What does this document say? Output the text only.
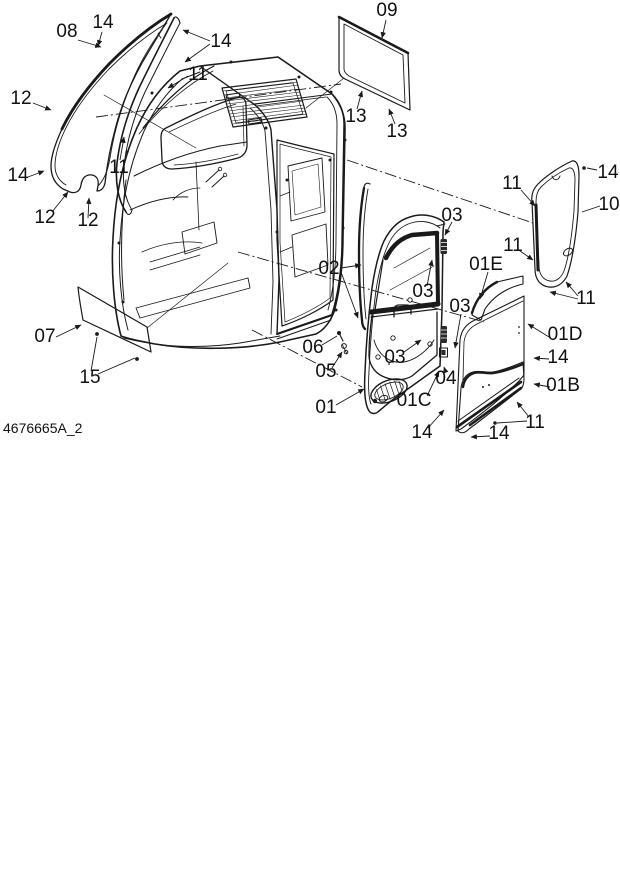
08 14
14
11
12
14
12 12
11
09
13
13
14
11
10
11
01E
11
02
03
03
03
01D
14
01B
06
05
03
04
01	01C
14	14
11
07
15
4676665A_2
